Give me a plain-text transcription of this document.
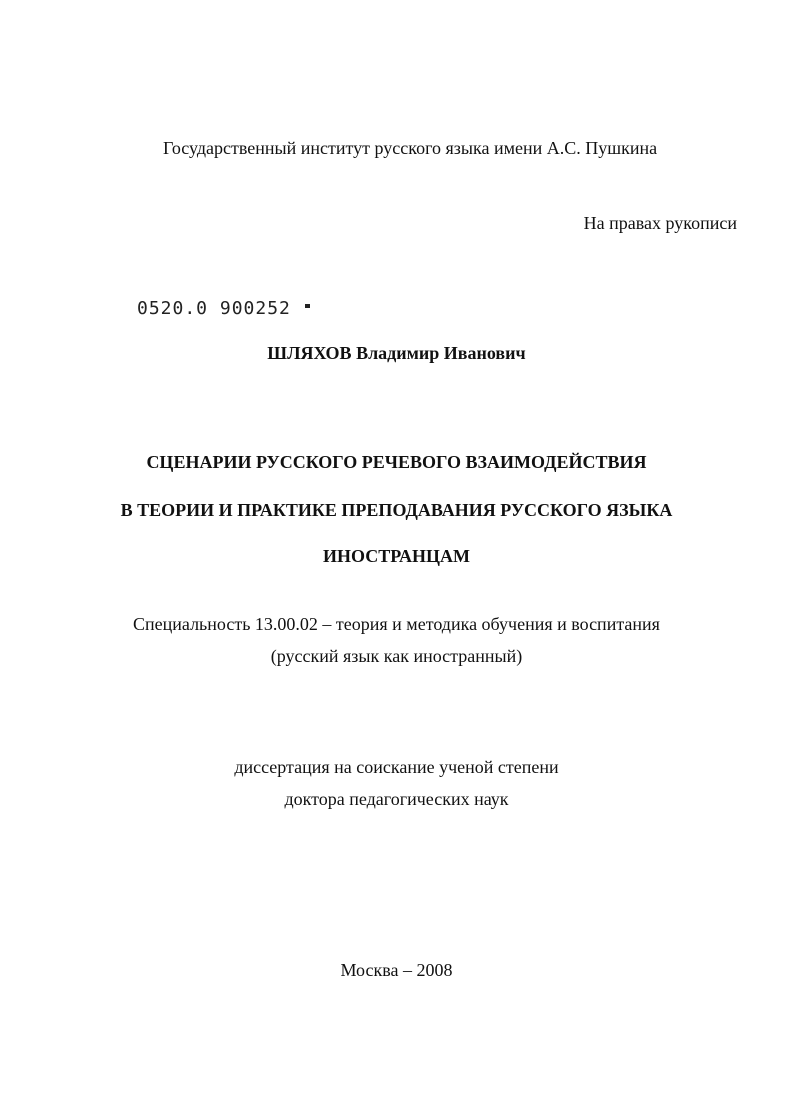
Государственный институт русского языка имени А.С. Пушкина
На правах рукописи
0520.0 900252
ШЛЯХОВ Владимир Иванович
СЦЕНАРИИ РУССКОГО РЕЧЕВОГО ВЗАИМОДЕЙСТВИЯ
В ТЕОРИИ И ПРАКТИКЕ ПРЕПОДАВАНИЯ РУССКОГО ЯЗЫКА
ИНОСТРАНЦАМ
Специальность 13.00.02 – теория и методика обучения и воспитания
(русский язык как иностранный)
диссертация на соискание ученой степени
доктора педагогических наук
Москва – 2008
